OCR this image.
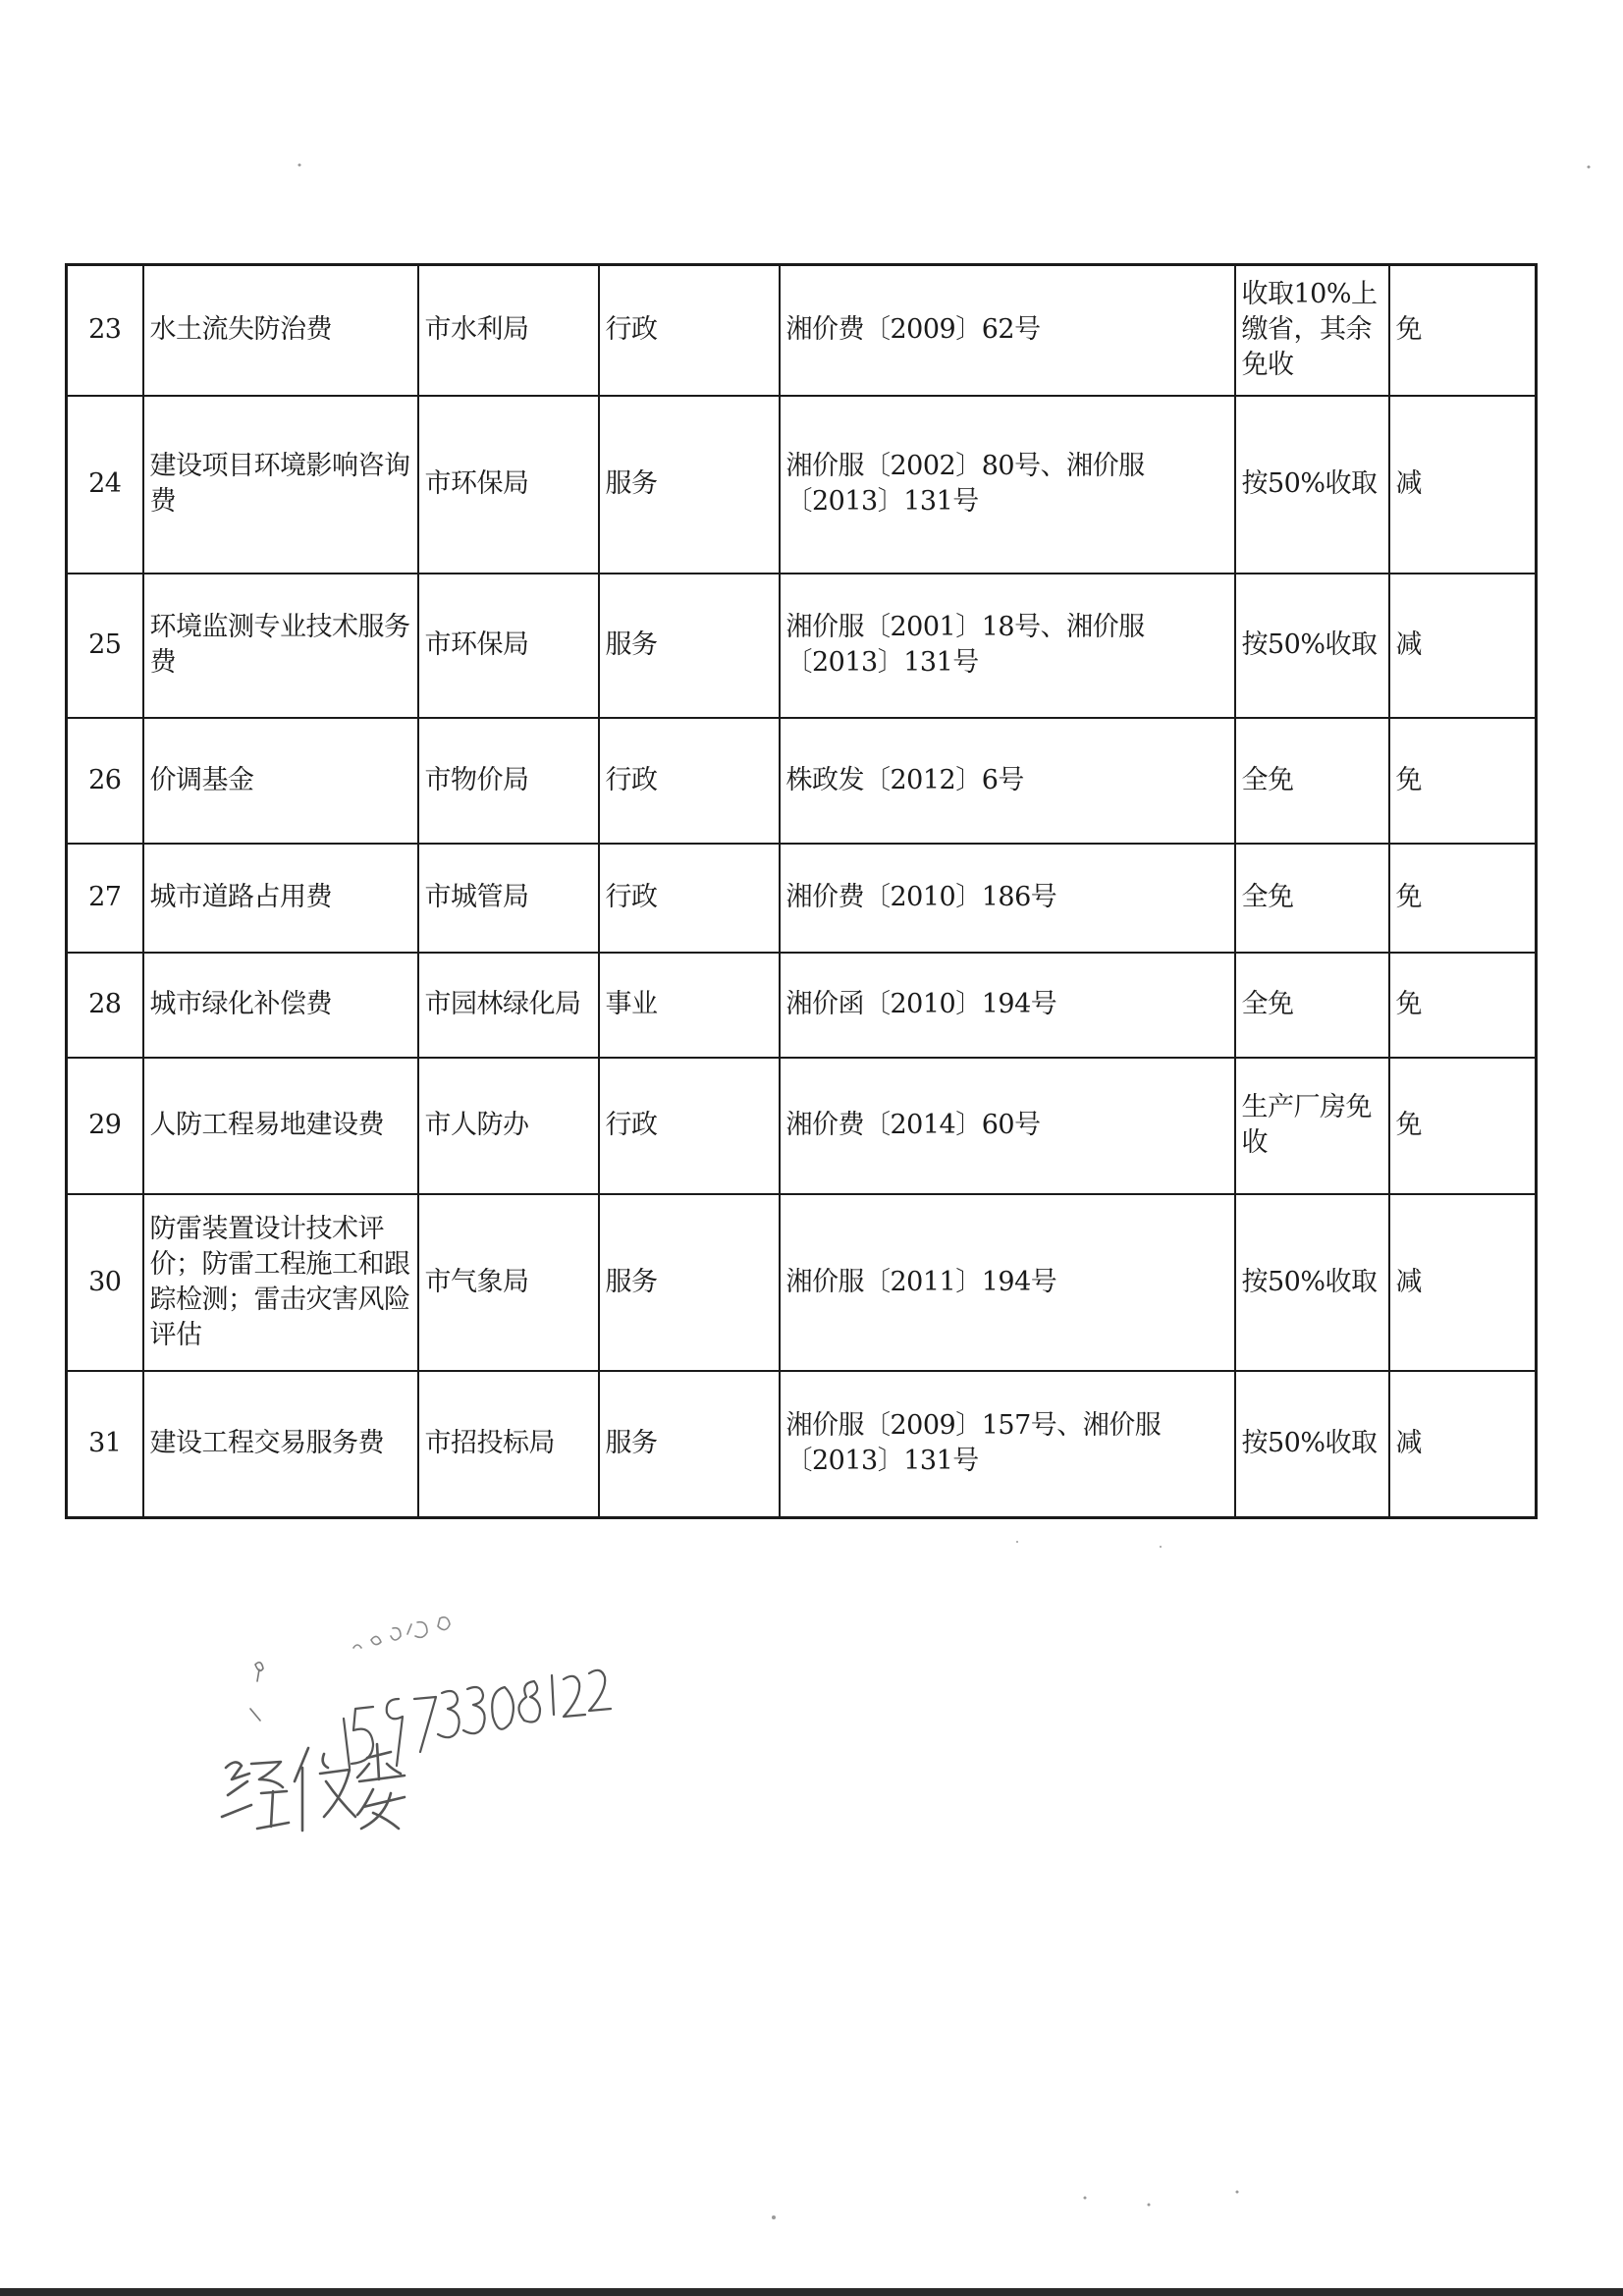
23	水土流失防治费	市水利局	行政	湘价费〔2009〕62号	收取10%上缴省，其余免收	免
24	建设项目环境影响咨询费	市环保局	服务	湘价服〔2002〕80号、湘价服〔2013〕131号	按50%收取	减
25	环境监测专业技术服务费	市环保局	服务	湘价服〔2001〕18号、湘价服〔2013〕131号	按50%收取	减
26	价调基金	市物价局	行政	株政发〔2012〕6号	全免	免
27	城市道路占用费	市城管局	行政	湘价费〔2010〕186号	全免	免
28	城市绿化补偿费	市园林绿化局	事业	湘价函〔2010〕194号	全免	免
29	人防工程易地建设费	市人防办	行政	湘价费〔2014〕60号	生产厂房免收	免
30	防雷装置设计技术评价；防雷工程施工和跟踪检测；雷击灾害风险评估	市气象局	服务	湘价服〔2011〕194号	按50%收取	减
31	建设工程交易服务费	市招投标局	服务	湘价服〔2009〕157号、湘价服〔2013〕131号	按50%收取	减
